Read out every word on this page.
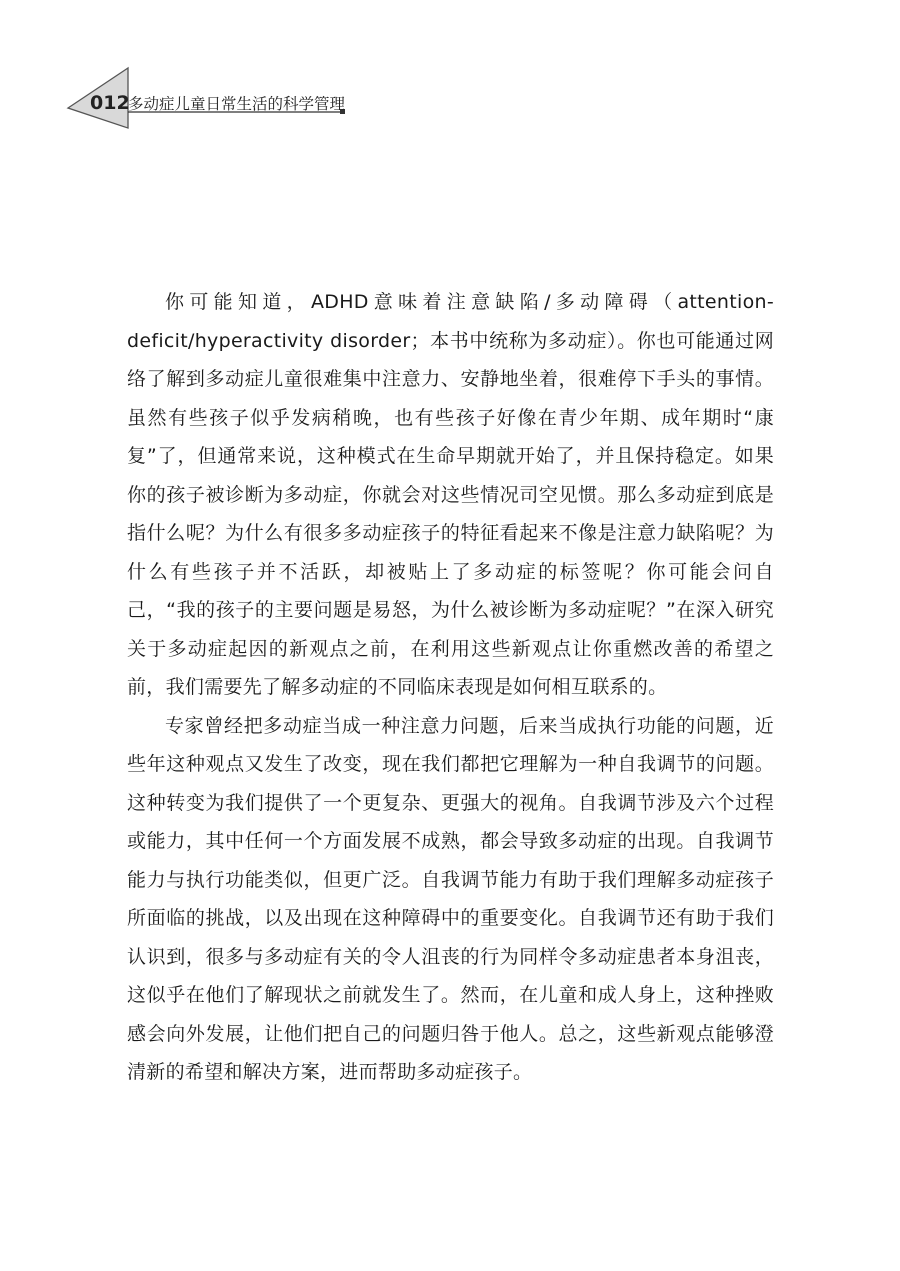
012
多动症儿童日常生活的科学管理

你可能知道，ADHD意味着注意缺陷/多动障碍（attention-deficit/hyperactivity disorder；本书中统称为多动症）。你也可能通过网络了解到多动症儿童很难集中注意力、安静地坐着，很难停下手头的事情。虽然有些孩子似乎发病稍晚，也有些孩子好像在青少年期、成年期时“康复”了，但通常来说，这种模式在生命早期就开始了，并且保持稳定。如果你的孩子被诊断为多动症，你就会对这些情况司空见惯。那么多动症到底是指什么呢？为什么有很多多动症孩子的特征看起来不像是注意力缺陷呢？为什么有些孩子并不活跃，却被贴上了多动症的标签呢？你可能会问自己，“我的孩子的主要问题是易怒，为什么被诊断为多动症呢？”在深入研究关于多动症起因的新观点之前，在利用这些新观点让你重燃改善的希望之前，我们需要先了解多动症的不同临床表现是如何相互联系的。

专家曾经把多动症当成一种注意力问题，后来当成执行功能的问题，近些年这种观点又发生了改变，现在我们都把它理解为一种自我调节的问题。这种转变为我们提供了一个更复杂、更强大的视角。自我调节涉及六个过程或能力，其中任何一个方面发展不成熟，都会导致多动症的出现。自我调节能力与执行功能类似，但更广泛。自我调节能力有助于我们理解多动症孩子所面临的挑战，以及出现在这种障碍中的重要变化。自我调节还有助于我们认识到，很多与多动症有关的令人沮丧的行为同样令多动症患者本身沮丧，这似乎在他们了解现状之前就发生了。然而，在儿童和成人身上，这种挫败感会向外发展，让他们把自己的问题归咎于他人。总之，这些新观点能够澄清新的希望和解决方案，进而帮助多动症孩子。
